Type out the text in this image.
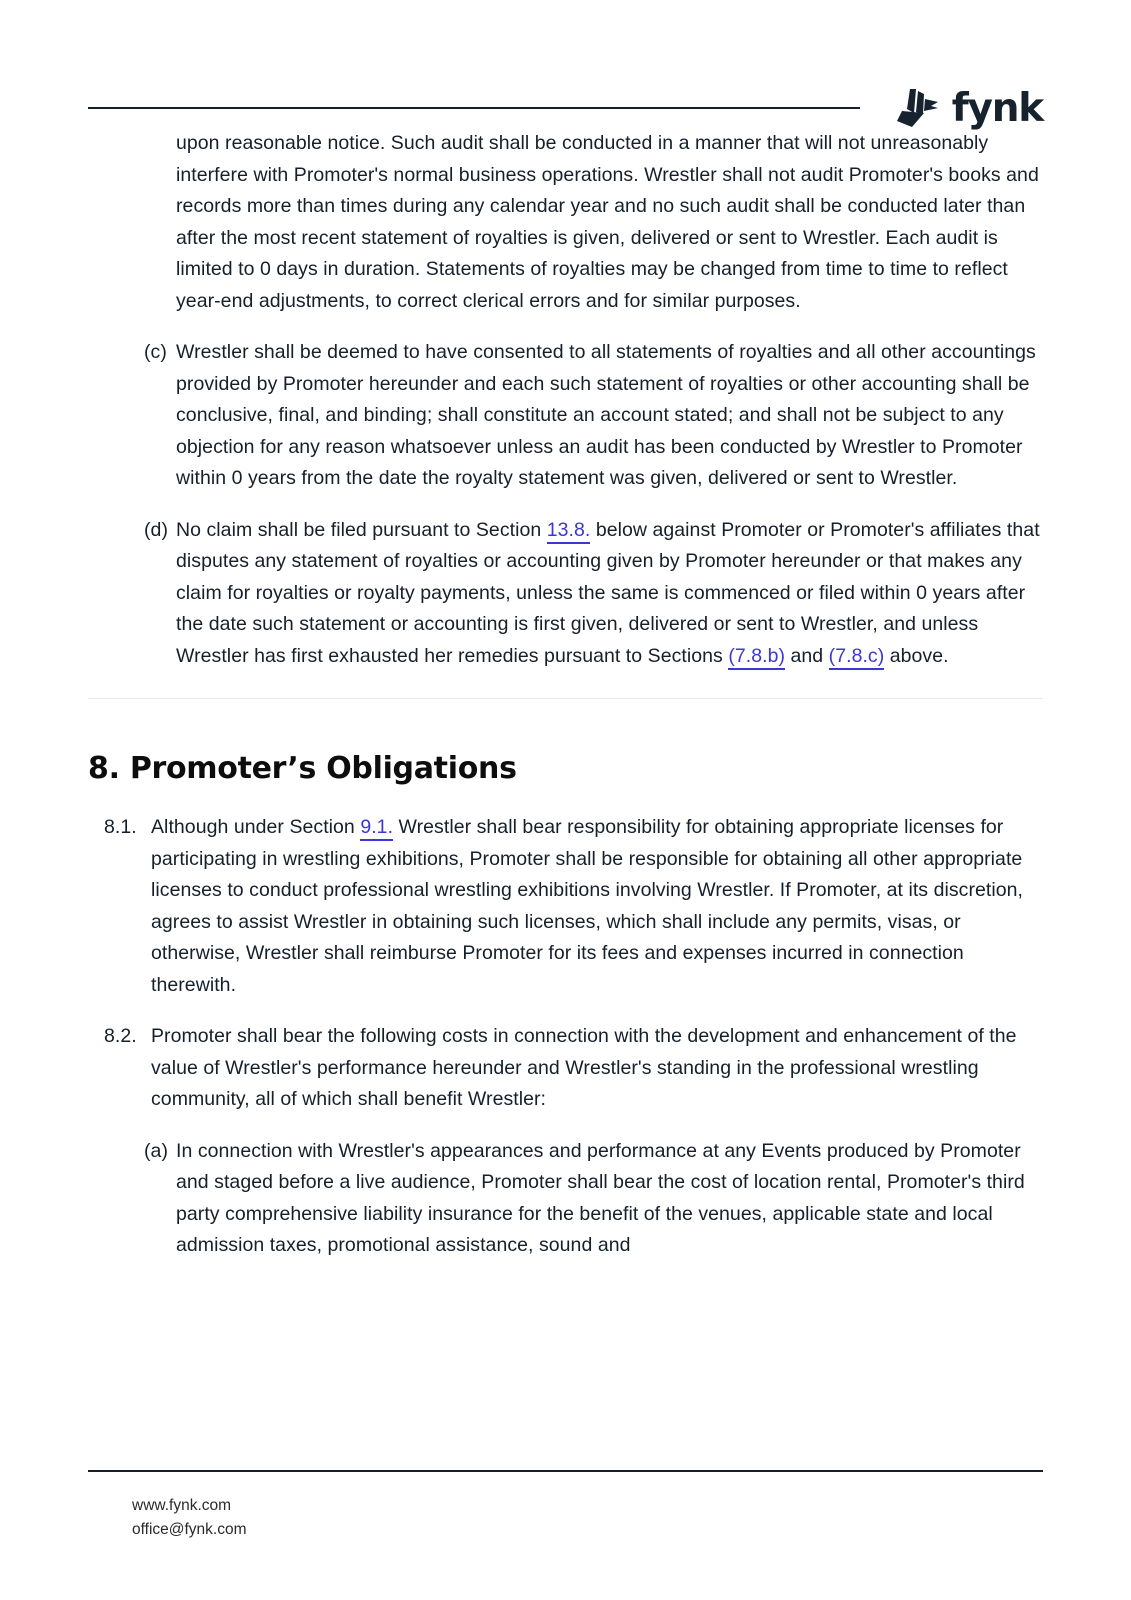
fynk
upon reasonable notice. Such audit shall be conducted in a manner that will not unreasonably interfere with Promoter's normal business operations. Wrestler shall not audit Promoter's books and records more than times during any calendar year and no such audit shall be conducted later than after the most recent statement of royalties is given, delivered or sent to Wrestler. Each audit is limited to 0 days in duration. Statements of royalties may be changed from time to time to reflect year-end adjustments, to correct clerical errors and for similar purposes.
(c) Wrestler shall be deemed to have consented to all statements of royalties and all other accountings provided by Promoter hereunder and each such statement of royalties or other accounting shall be conclusive, final, and binding; shall constitute an account stated; and shall not be subject to any objection for any reason whatsoever unless an audit has been conducted by Wrestler to Promoter within 0 years from the date the royalty statement was given, delivered or sent to Wrestler.
(d) No claim shall be filed pursuant to Section 13.8. below against Promoter or Promoter's affiliates that disputes any statement of royalties or accounting given by Promoter hereunder or that makes any claim for royalties or royalty payments, unless the same is commenced or filed within 0 years after the date such statement or accounting is first given, delivered or sent to Wrestler, and unless Wrestler has first exhausted her remedies pursuant to Sections (7.8.b) and (7.8.c) above.
8. Promoter’s Obligations
8.1. Although under Section 9.1. Wrestler shall bear responsibility for obtaining appropriate licenses for participating in wrestling exhibitions, Promoter shall be responsible for obtaining all other appropriate licenses to conduct professional wrestling exhibitions involving Wrestler. If Promoter, at its discretion, agrees to assist Wrestler in obtaining such licenses, which shall include any permits, visas, or otherwise, Wrestler shall reimburse Promoter for its fees and expenses incurred in connection therewith.
8.2. Promoter shall bear the following costs in connection with the development and enhancement of the value of Wrestler's performance hereunder and Wrestler's standing in the professional wrestling community, all of which shall benefit Wrestler:
(a) In connection with Wrestler's appearances and performance at any Events produced by Promoter and staged before a live audience, Promoter shall bear the cost of location rental, Promoter's third party comprehensive liability insurance for the benefit of the venues, applicable state and local admission taxes, promotional assistance, sound and
www.fynk.com
office@fynk.com
